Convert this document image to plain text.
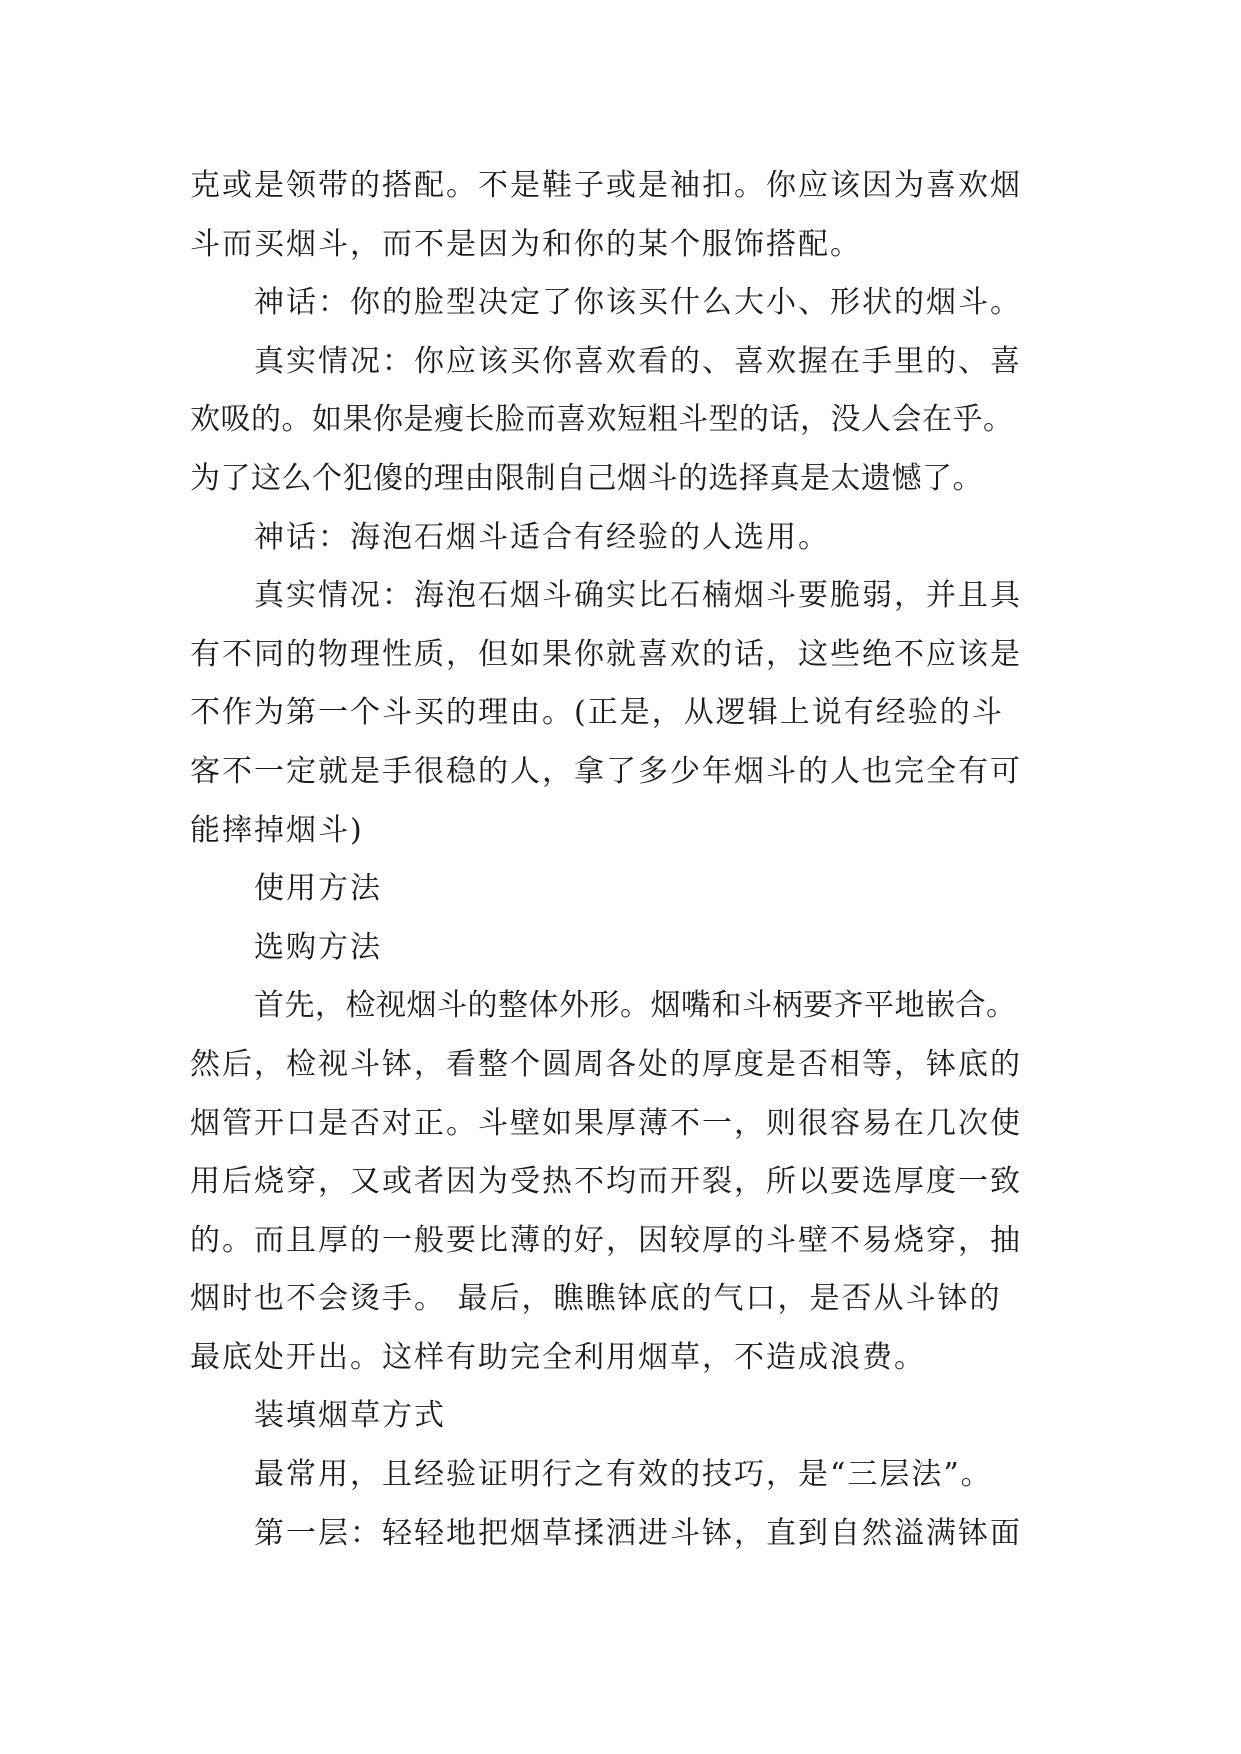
克或是领带的搭配。不是鞋子或是袖扣。你应该因为喜欢烟
斗而买烟斗，而不是因为和你的某个服饰搭配。
神话：你的脸型决定了你该买什么大小、形状的烟斗。
真实情况：你应该买你喜欢看的、喜欢握在手里的、喜
欢吸的。如果你是瘦长脸而喜欢短粗斗型的话，没人会在乎。
为了这么个犯傻的理由限制自己烟斗的选择真是太遗憾了。
神话：海泡石烟斗适合有经验的人选用。
真实情况：海泡石烟斗确实比石楠烟斗要脆弱，并且具
有不同的物理性质，但如果你就喜欢的话，这些绝不应该是
不作为第一个斗买的理由。(正是，从逻辑上说有经验的斗
客不一定就是手很稳的人，拿了多少年烟斗的人也完全有可
能摔掉烟斗)
使用方法
选购方法
首先，检视烟斗的整体外形。烟嘴和斗柄要齐平地嵌合。
然后，检视斗钵，看整个圆周各处的厚度是否相等，钵底的
烟管开口是否对正。斗壁如果厚薄不一，则很容易在几次使
用后烧穿，又或者因为受热不均而开裂，所以要选厚度一致
的。而且厚的一般要比薄的好，因较厚的斗壁不易烧穿，抽
烟时也不会烫手。 最后，瞧瞧钵底的气口，是否从斗钵的
最底处开出。这样有助完全利用烟草，不造成浪费。
装填烟草方式
最常用，且经验证明行之有效的技巧，是“三层法”。
第一层：轻轻地把烟草揉洒进斗钵，直到自然溢满钵面
